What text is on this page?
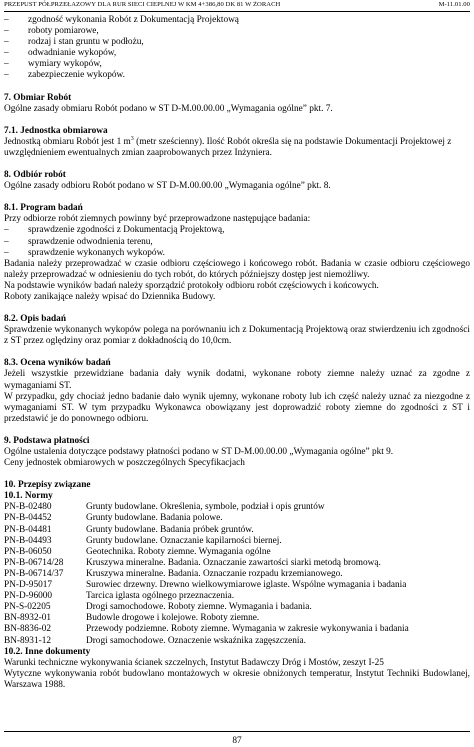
PRZEPUST PÓŁPRZEŁAZOWY DLA RUR SIECI CIEPLNEJ W KM 4+386,80 DK 81 W ŻORACH	M-11.01.00
– zgodność wykonania Robót z Dokumentacją Projektową
– roboty pomiarowe,
– rodzaj i stan gruntu w podłożu,
– odwadnianie wykopów,
– wymiary wykopów,
– zabezpieczenie wykopów.

7. Obmiar Robót

Ogólne zasady obmiaru Robót podano w ST D-M.00.00.00 „Wymagania ogólne” pkt. 7.

7.1. Jednostka obmiarowa

Jednostką obmiaru Robót jest 1 $m^3$ (metr sześcienny). Ilość Robót określa się na podstawie Dokumentacji Projektowej z
uwzględnieniem ewentualnych zmian zaaprobowanych przez Inżyniera.

8. Odbiór robót

Ogólne zasady odbioru Robót podano w ST D-M.00.00.00 „Wymagania ogólne” pkt. 8.

8.1. Program badań

Przy odbiorze robót ziemnych powinny być przeprowadzone następujące badania:

– sprawdzenie zgodności z Dokumentacją Projektową,
– sprawdzenie odwodnienia terenu,
– sprawdzenie wykonanych wykopów.

Badania należy przeprowadzać w czasie odbioru częściowego i końcowego robót. Badania w czasie odbioru częściowego należy przeprowadzać w odniesieniu do tych robót, do których późniejszy dostęp jest niemożliwy.

Na podstawie wyników badań należy sporządzić protokoły odbioru robót częściowych i końcowych.

Roboty zanikające należy wpisać do Dziennika Budowy.

8.2. Opis badań

Sprawdzenie wykonanych wykopów polega na porównaniu ich z Dokumentacją Projektową oraz stwierdzeniu ich zgodności z ST przez oględziny oraz pomiar z dokładnością do 10,0cm.

8.3. Ocena wyników badań

Jeżeli wszystkie przewidziane badania dały wynik dodatni, wykonane roboty ziemne należy uznać za zgodne z wymaganiami ST.

W przypadku, gdy chociaż jedno badanie dało wynik ujemny, wykonane roboty lub ich część należy uznać za niezgodne z wymaganiami ST. W tym przypadku Wykonawca obowiązany jest doprowadzić roboty ziemne do zgodności z ST i przedstawić je do ponownego odbioru.

9. Podstawa płatności

Ogólne ustalenia dotyczące podstawy płatności podano w ST D-M.00.00.00 „Wymagania ogólne” pkt 9.

Ceny jednostek obmiarowych w poszczególnych Specyfikacjach

10. Przepisy związane

10.1. Normy

PN-B-02480	Grunty budowlane. Określenia, symbole, podział i opis gruntów
PN-B-04452	Grunty budowlane. Badania polowe.
PN-B-04481	Grunty budowlane. Badania próbek gruntów.
PN-B-04493	Grunty budowlane. Oznaczanie kapilarności biernej.
PN-B-06050	Geotechnika. Roboty ziemne. Wymagania ogólne
PN-B-06714/28	Kruszywa mineralne. Badania. Oznaczanie zawartości siarki metodą bromową.
PN-B-06714/37	Kruszywa mineralne. Badania. Oznaczanie rozpadu krzemianowego.
PN-D-95017	Surowiec drzewny. Drewno wielkowymiarowe iglaste. Wspólne wymagania i badania
PN-D-96000	Tarcica iglasta ogólnego przeznaczenia.
PN-S-02205	Drogi samochodowe. Roboty ziemne. Wymagania i badania.
BN-8932-01	Budowle drogowe i kolejowe. Roboty ziemne.
BN-8836-02	Przewody podziemne. Roboty ziemne. Wymagania w zakresie wykonywania i badania
BN-8931-12	Drogi samochodowe. Oznaczenie wskaźnika zagęszczenia.

10.2. Inne dokumenty

Warunki techniczne wykonywania ścianek szczelnych, Instytut Badawczy Dróg i Mostów, zeszyt I-25

Wytyczne wykonywania robót budowlano montażowych w okresie obniżonych temperatur, Instytut Techniki Budowlanej, Warszawa 1988.

87
